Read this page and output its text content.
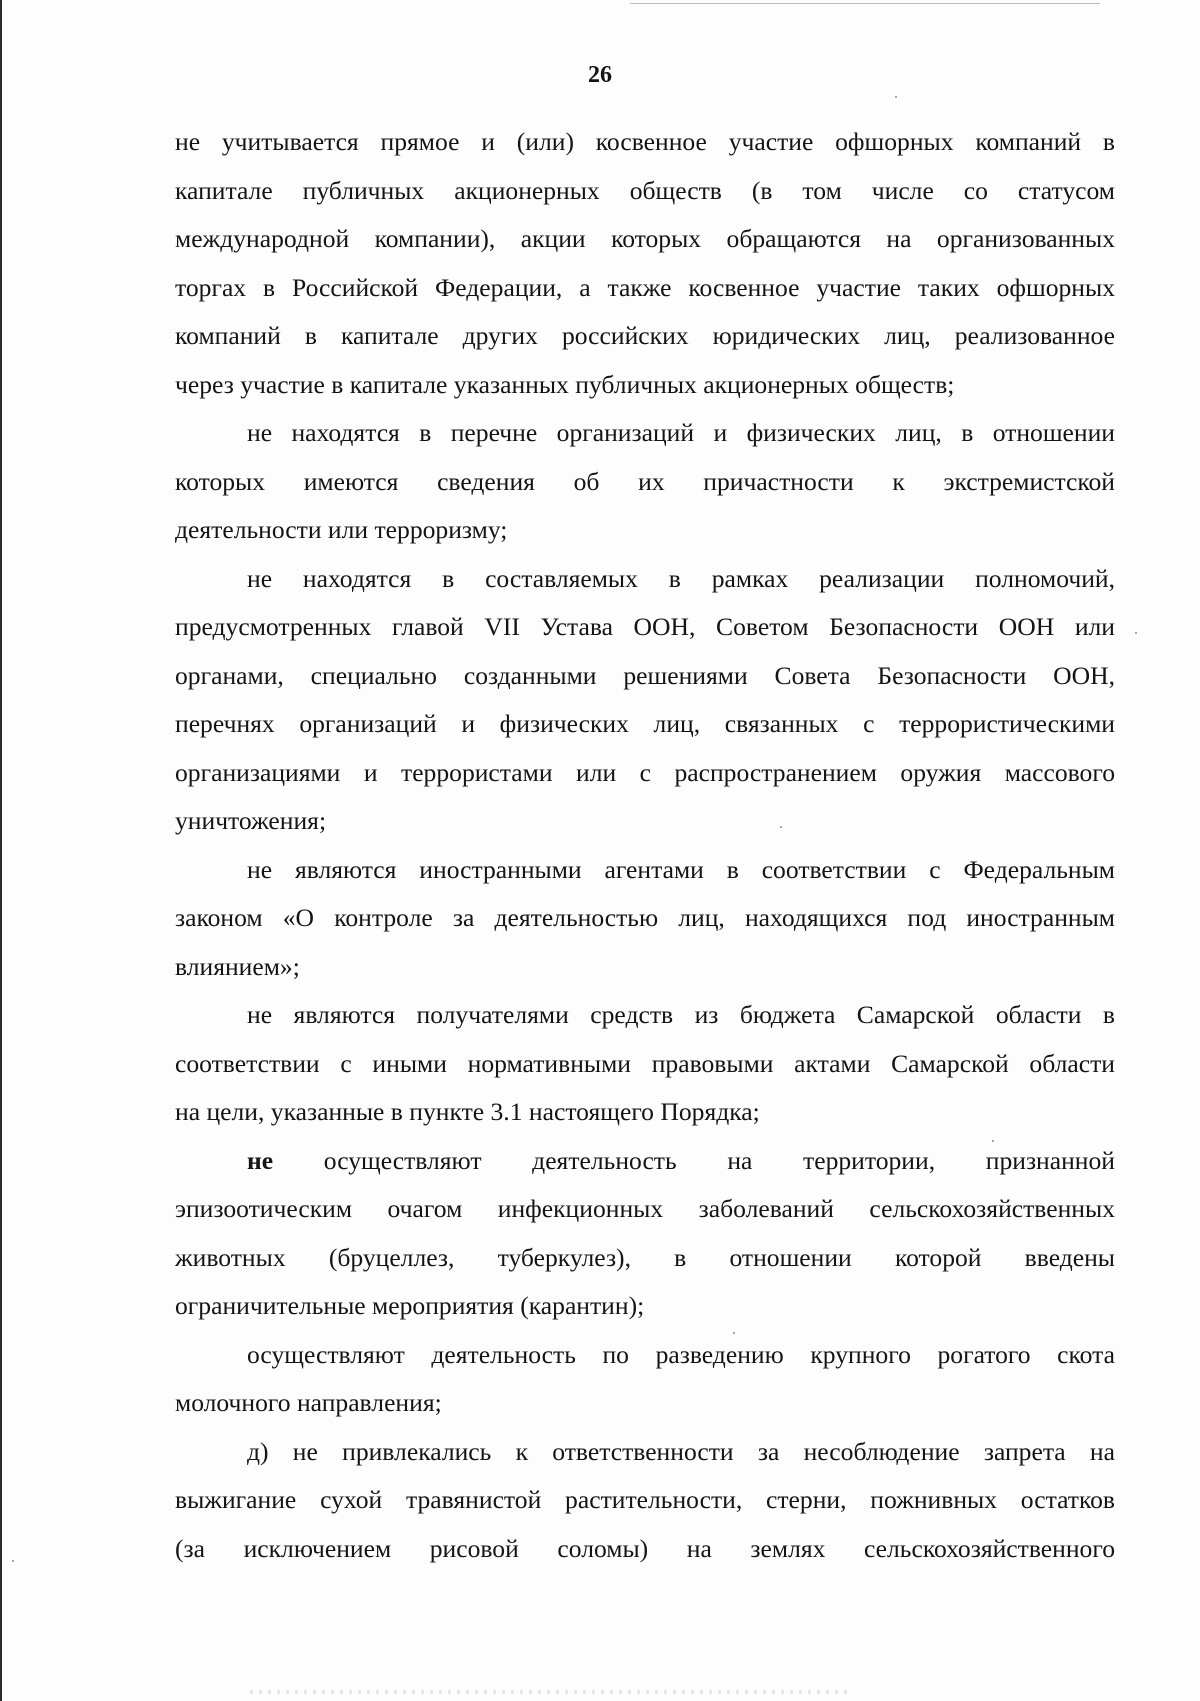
26
не учитывается прямое и (или) косвенное участие офшорных компаний в
капитале публичных акционерных обществ (в том числе со статусом
международной компании), акции которых обращаются на организованных
торгах в Российской Федерации, а также косвенное участие таких офшорных
компаний в капитале других российских юридических лиц, реализованное
через участие в капитале указанных публичных акционерных обществ;
не находятся в перечне организаций и физических лиц, в отношении
которых имеются сведения об их причастности к экстремистской
деятельности или терроризму;
не находятся в составляемых в рамках реализации полномочий,
предусмотренных главой VII Устава ООН, Советом Безопасности ООН или
органами, специально созданными решениями Совета Безопасности ООН,
перечнях организаций и физических лиц, связанных с террористическими
организациями и террористами или с распространением оружия массового
уничтожения;
не являются иностранными агентами в соответствии с Федеральным
законом «О контроле за деятельностью лиц, находящихся под иностранным
влиянием»;
не являются получателями средств из бюджета Самарской области в
соответствии с иными нормативными правовыми актами Самарской области
на цели, указанные в пункте 3.1 настоящего Порядка;
не осуществляют деятельность на территории, признанной
эпизоотическим очагом инфекционных заболеваний сельскохозяйственных
животных (бруцеллез, туберкулез), в отношении которой введены
ограничительные мероприятия (карантин);
осуществляют деятельность по разведению крупного рогатого скота
молочного направления;
д) не привлекались к ответственности за несоблюдение запрета на
выжигание сухой травянистой растительности, стерни, пожнивных остатков
(за исключением рисовой соломы) на землях сельскохозяйственного
